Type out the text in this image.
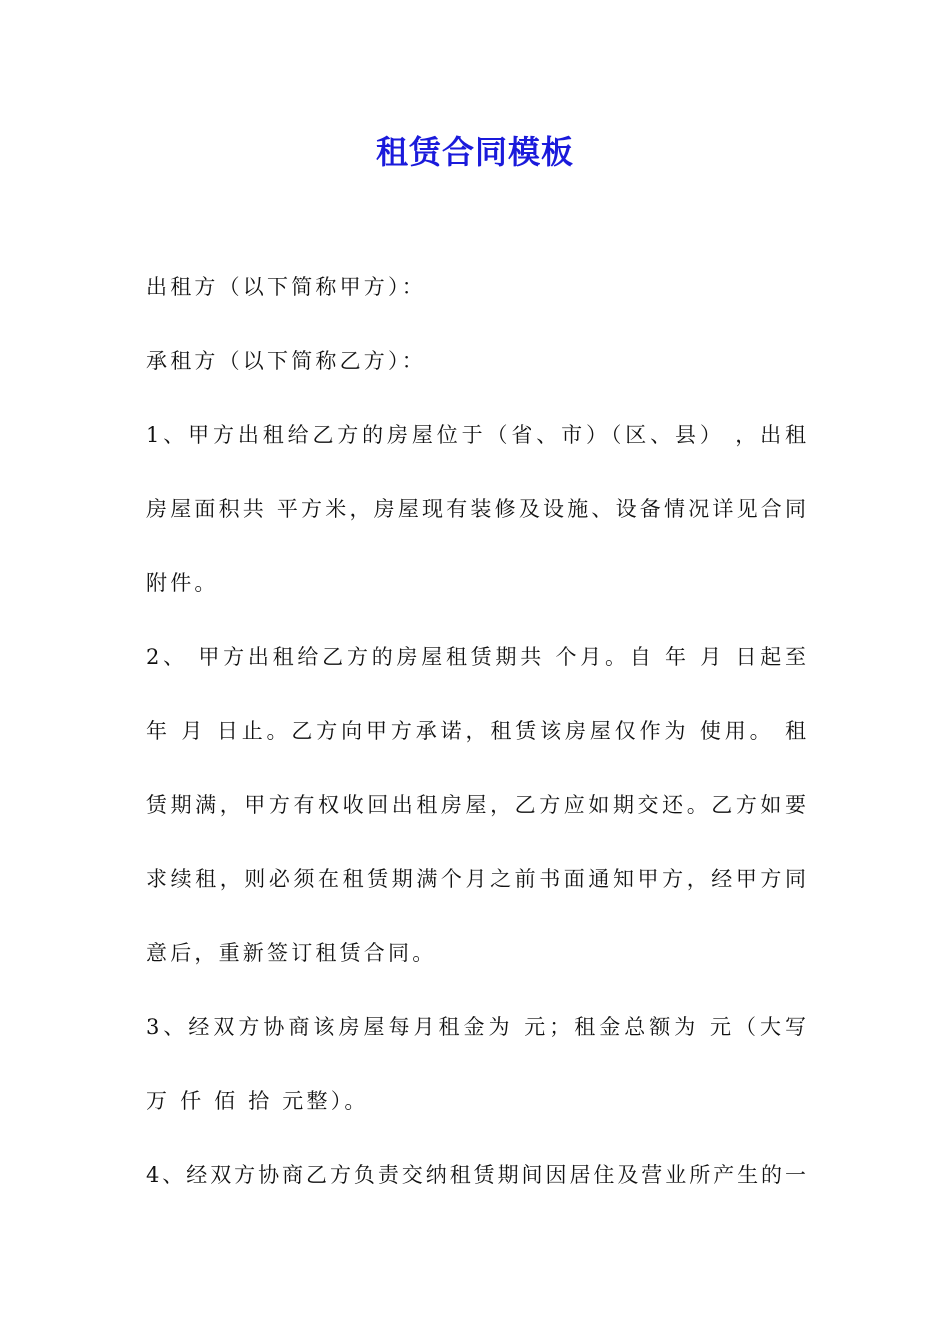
租赁合同模板
出租方（以下简称甲方）：
承租方（以下简称乙方）：
1、甲方出租给乙方的房屋位于（省、市）（区、县） ，出租
房屋面积共 平方米，房屋现有装修及设施、设备情况详见合同
附件。
2、 甲方出租给乙方的房屋租赁期共 个月。自 年 月 日起至
年 月 日止。乙方向甲方承诺，租赁该房屋仅作为 使用。 租
赁期满，甲方有权收回出租房屋，乙方应如期交还。乙方如要
求续租，则必须在租赁期满个月之前书面通知甲方，经甲方同
意后，重新签订租赁合同。
3、经双方协商该房屋每月租金为 元；租金总额为 元（大写
万 仟 佰 拾 元整）。
4、经双方协商乙方负责交纳租赁期间因居住及营业所产生的一
